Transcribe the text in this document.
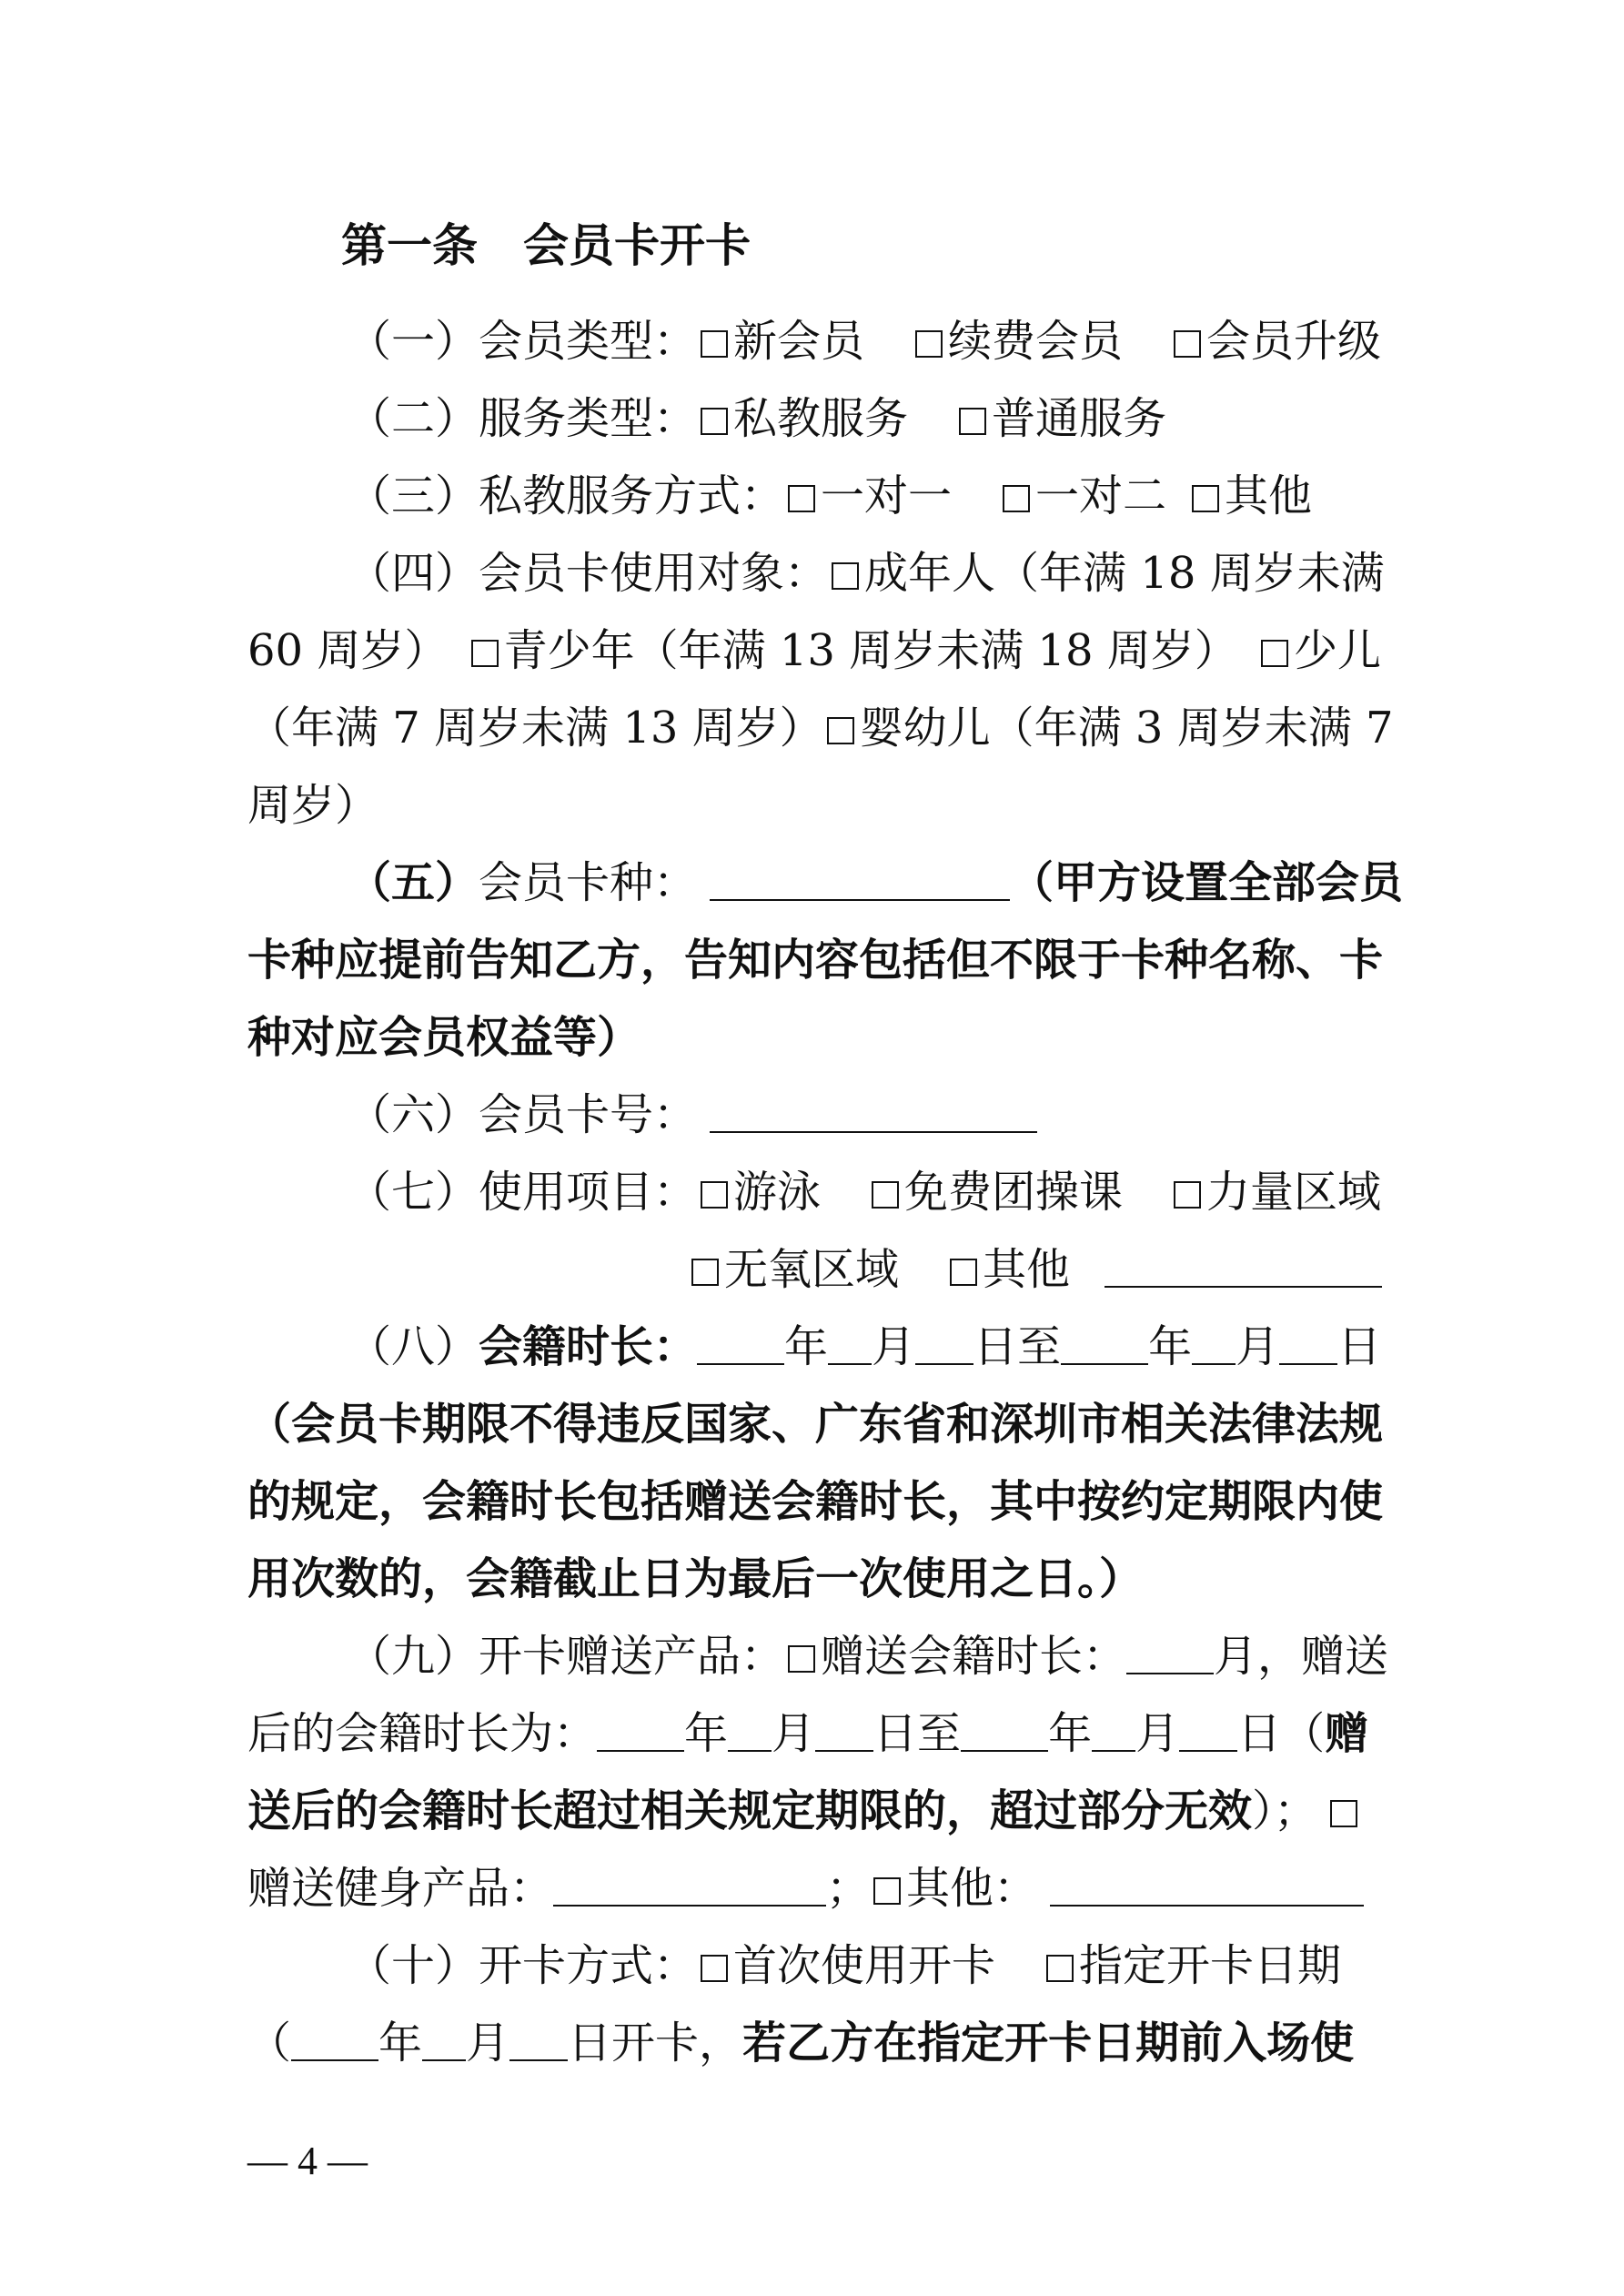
第一条　会员卡开卡
（一）会员类型： 新会员 续费会员 会员升级
（二）服务类型： 私教服务 普通服务
（三）私教服务方式： 一对一 一对二 其他
（四）会员卡使用对象： 成年人（年满 18 周岁未满
60 周岁）	青少年（年满 13 周岁未满 18 周岁）	少儿
（年满 7 周岁未满 13 周岁） 婴幼儿（年满 3 周岁未满 7
周岁）
（五）会员卡种：	（甲方设置全部会员
卡种应提前告知乙方，告知内容包括但不限于卡种名称、卡
种对应会员权益等）
（六）会员卡号：
（七）使用项目： 游泳 免费团操课 力量区域
无氧区域 其他
（八）会籍时长： 年 月 日至 年 月 日
（会员卡期限不得违反国家、广东省和深圳市相关法律法规
的规定，会籍时长包括赠送会籍时长，其中按约定期限内使
用次数的，会籍截止日为最后一次使用之日。）
（九）开卡赠送产品： 赠送会籍时长： 月，赠送
后的会籍时长为： 年 月 日至 年 月 日（赠
送后的会籍时长超过相关规定期限的，超过部分无效）；
赠送健身产品：	； 其他：
（十）开卡方式： 首次使用开卡 指定开卡日期
（ 年 月 日开卡，若乙方在指定开卡日期前入场使
— 4 —
